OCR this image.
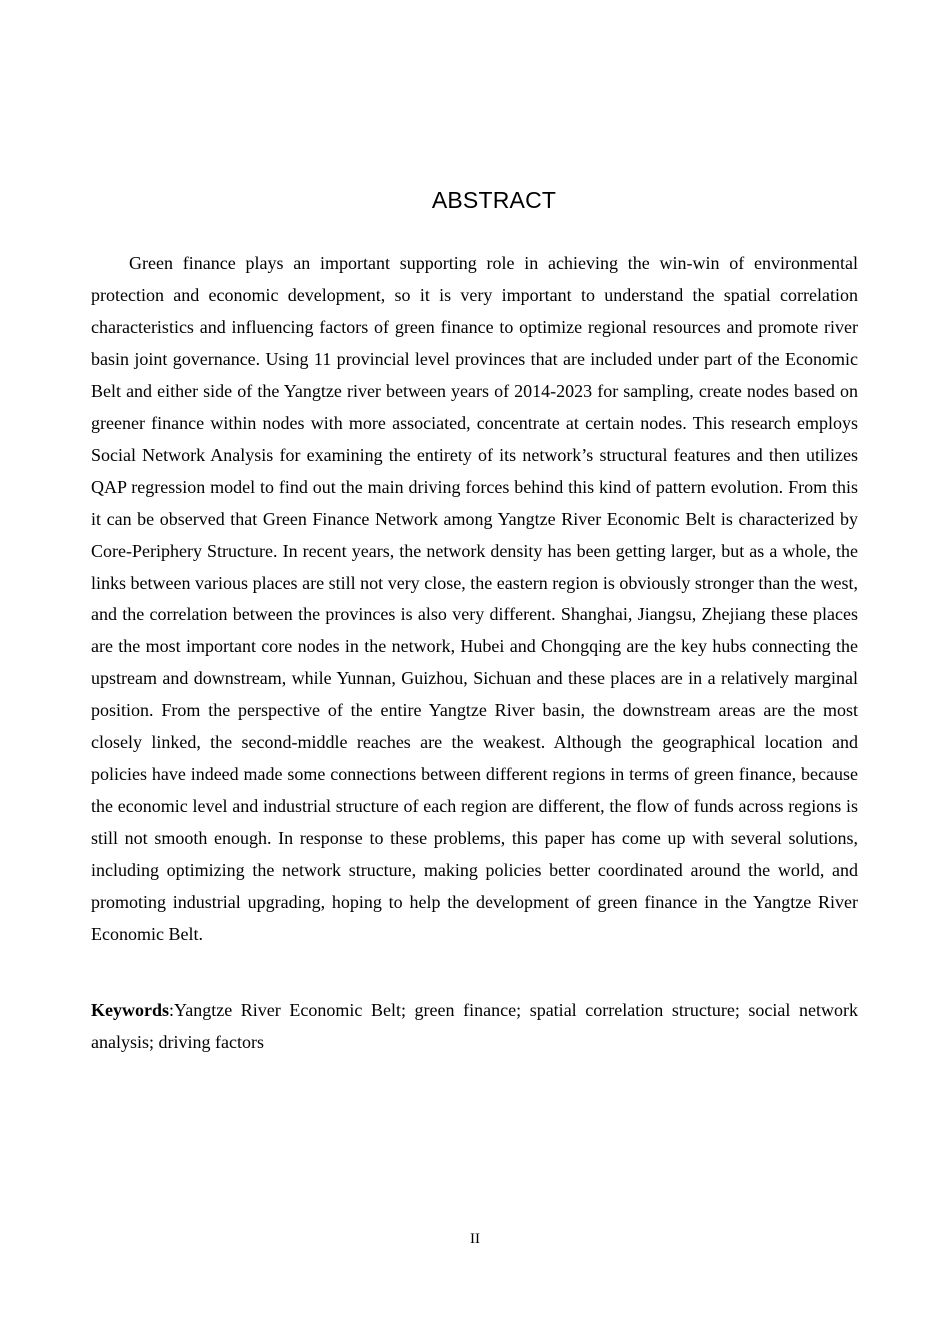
ABSTRACT

Green finance plays an important supporting role in achieving the win-win of environmental protection and economic development, so it is very important to understand the spatial correlation characteristics and influencing factors of green finance to optimize regional resources and promote river basin joint governance. Using 11 provincial level provinces that are included under part of the Economic Belt and either side of the Yangtze river between years of 2014-2023 for sampling, create nodes based on greener finance within nodes with more associated, concentrate at certain nodes. This research employs Social Network Analysis for examining the entirety of its network’s structural features and then utilizes QAP regression model to find out the main driving forces behind this kind of pattern evolution. From this it can be observed that Green Finance Network among Yangtze River Economic Belt is characterized by Core-Periphery Structure. In recent years, the network density has been getting larger, but as a whole, the links between various places are still not very close, the eastern region is obviously stronger than the west, and the correlation between the provinces is also very different. Shanghai, Jiangsu, Zhejiang these places are the most important core nodes in the network, Hubei and Chongqing are the key hubs connecting the upstream and downstream, while Yunnan, Guizhou, Sichuan and these places are in a relatively marginal position. From the perspective of the entire Yangtze River basin, the downstream areas are the most closely linked, the second-middle reaches are the weakest. Although the geographical location and policies have indeed made some connections between different regions in terms of green finance, because the economic level and industrial structure of each region are different, the flow of funds across regions is still not smooth enough. In response to these problems, this paper has come up with several solutions, including optimizing the network structure, making policies better coordinated around the world, and promoting industrial upgrading, hoping to help the development of green finance in the Yangtze River Economic Belt.

Keywords:Yangtze River Economic Belt; green finance; spatial correlation structure; social network analysis; driving factors

II
